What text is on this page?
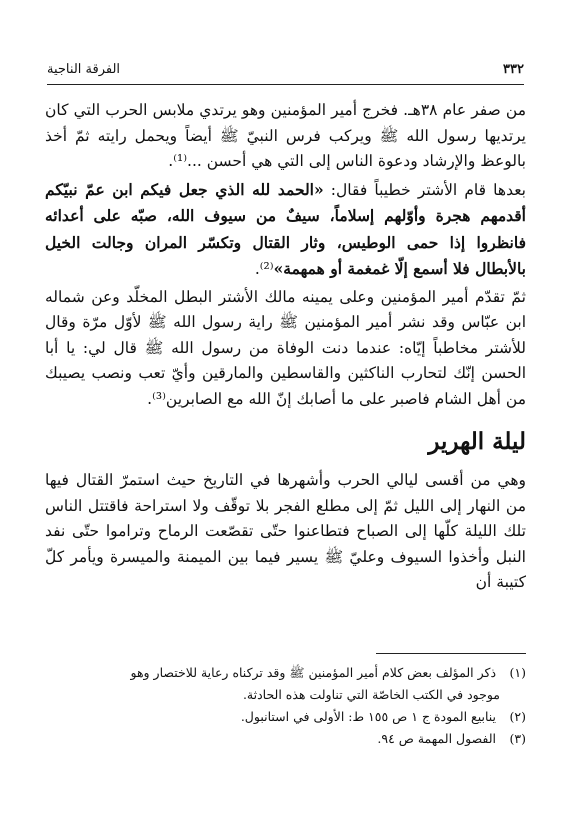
٣٣٢
الفرقة الناجية

من صفر عام ٣٨هـ. فخرج أمير المؤمنين وهو يرتدي ملابس الحرب التي كان يرتديها رسول الله ﷺ ويركب فرس النبيّ ﷺ أيضاً ويحمل رايته ثمّ أخذ بالوعظ والإرشاد ودعوة الناس إلى التي هي أحسن ...⁽¹⁾.

بعدها قام الأشتر خطيباً فقال: «الحمد لله الذي جعل فيكم ابن عمّ نبيّكم أقدمهم هجرة وأوّلهم إسلاماً، سيفٌ من سيوف الله، صبّه على أعدائه فانظروا إذا حمى الوطيس، وثار القتال وتكسّر المران وجالت الخيل بالأبطال فلا أسمع إلّا غمغمة أو همهمة»⁽²⁾.

ثمّ تقدّم أمير المؤمنين وعلى يمينه مالك الأشتر البطل المخلّد وعن شماله ابن عبّاس وقد نشر أمير المؤمنين ﷺ راية رسول الله ﷺ لأوّل مرّة وقال للأشتر مخاطباً إيّاه: عندما دنت الوفاة من رسول الله ﷺ قال لي: يا أبا الحسن إنّك لتحارب الناكثين والقاسطين والمارقين وأيّ تعب ونصب يصيبك من أهل الشام فاصبر على ما أصابك إنّ الله مع الصابرين⁽³⁾.

ليلة الهرير

وهي من أقسى ليالي الحرب وأشهرها في التاريخ حيث استمرّ القتال فيها من النهار إلى الليل ثمّ إلى مطلع الفجر بلا توقّف ولا استراحة فاقتتل الناس تلك الليلة كلّها إلى الصباح فتطاعنوا حتّى تقصّعت الرماح وتراموا حتّى نفد النبل وأخذوا السيوف وعليّ ﷺ يسير فيما بين الميمنة والميسرة ويأمر كلّ كتيبة أن

(١) ذكر المؤلف بعض كلام أمير المؤمنين ﷺ وقد تركناه رعاية للاختصار وهو

موجود في الكتب الخاصّة التي تناولت هذه الحادثة.

(٢) ينابيع المودة ج ١ ص ١٥٥ ط: الأولى في استانبول.

(٣) الفصول المهمة ص ٩٤.
